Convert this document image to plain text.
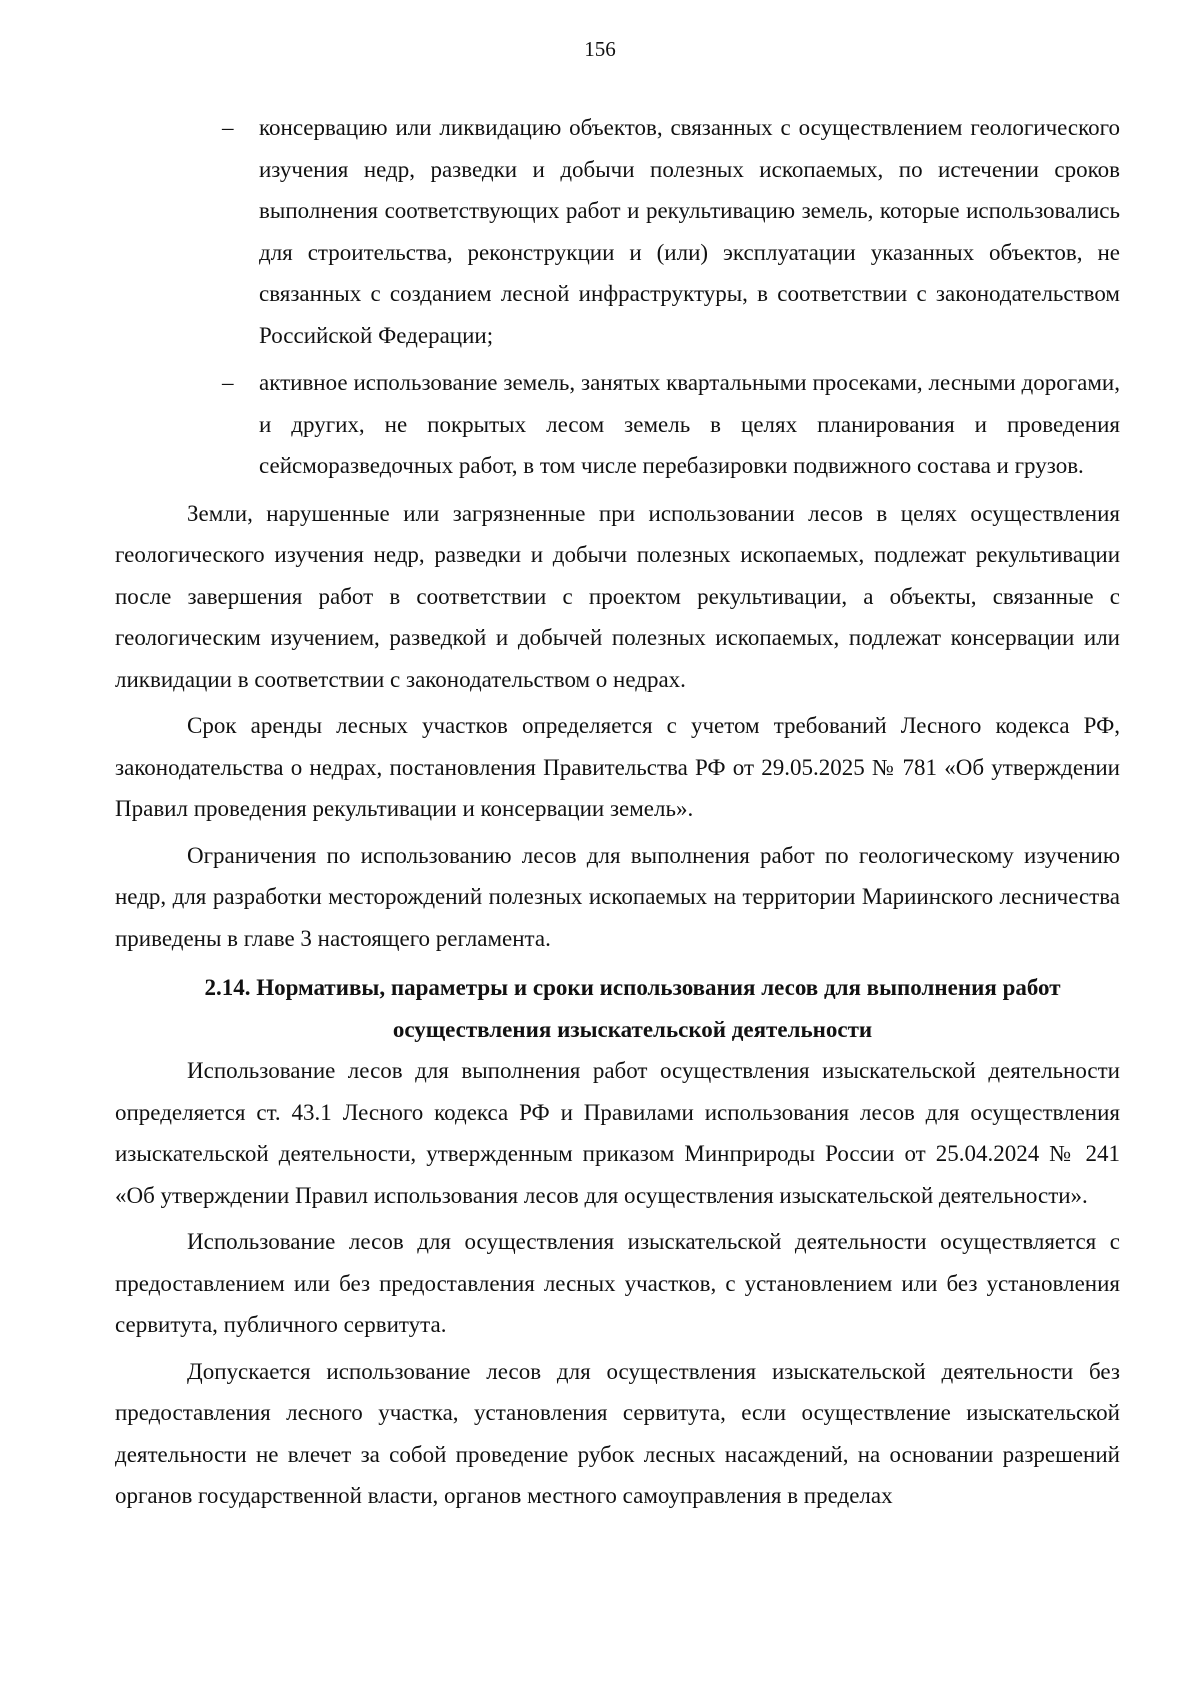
156
– консервацию или ликвидацию объектов, связанных с осуществлением геологического изучения недр, разведки и добычи полезных ископаемых, по истечении сроков выполнения соответствующих работ и рекультивацию земель, которые использовались для строительства, реконструкции и (или) эксплуатации указанных объектов, не связанных с созданием лесной инфраструктуры, в соответствии с законодательством Российской Федерации;

– активное использование земель, занятых квартальными просеками, лесными дорогами, и других, не покрытых лесом земель в целях планирования и проведения сейсморазведочных работ, в том числе перебазировки подвижного состава и грузов.

Земли, нарушенные или загрязненные при использовании лесов в целях осуществления геологического изучения недр, разведки и добычи полезных ископаемых, подлежат рекультивации после завершения работ в соответствии с проектом рекультивации, а объекты, связанные с геологическим изучением, разведкой и добычей полезных ископаемых, подлежат консервации или ликвидации в соответствии с законодательством о недрах.

Срок аренды лесных участков определяется с учетом требований Лесного кодекса РФ, законодательства о недрах, постановления Правительства РФ от 29.05.2025 № 781 «Об утверждении Правил проведения рекультивации и консервации земель».

Ограничения по использованию лесов для выполнения работ по геологическому изучению недр, для разработки месторождений полезных ископаемых на территории Мариинского лесничества приведены в главе 3 настоящего регламента.

2.14. Нормативы, параметры и сроки использования лесов для выполнения работ осуществления изыскательской деятельности

Использование лесов для выполнения работ осуществления изыскательской деятельности определяется ст. 43.1 Лесного кодекса РФ и Правилами использования лесов для осуществления изыскательской деятельности, утвержденным приказом Минприроды России от 25.04.2024 № 241 «Об утверждении Правил использования лесов для осуществления изыскательской деятельности».

Использование лесов для осуществления изыскательской деятельности осуществляется с предоставлением или без предоставления лесных участков, с установлением или без установления сервитута, публичного сервитута.

Допускается использование лесов для осуществления изыскательской деятельности без предоставления лесного участка, установления сервитута, если осуществление изыскательской деятельности не влечет за собой проведение рубок лесных насаждений, на основании разрешений органов государственной власти, органов местного самоуправления в пределах
